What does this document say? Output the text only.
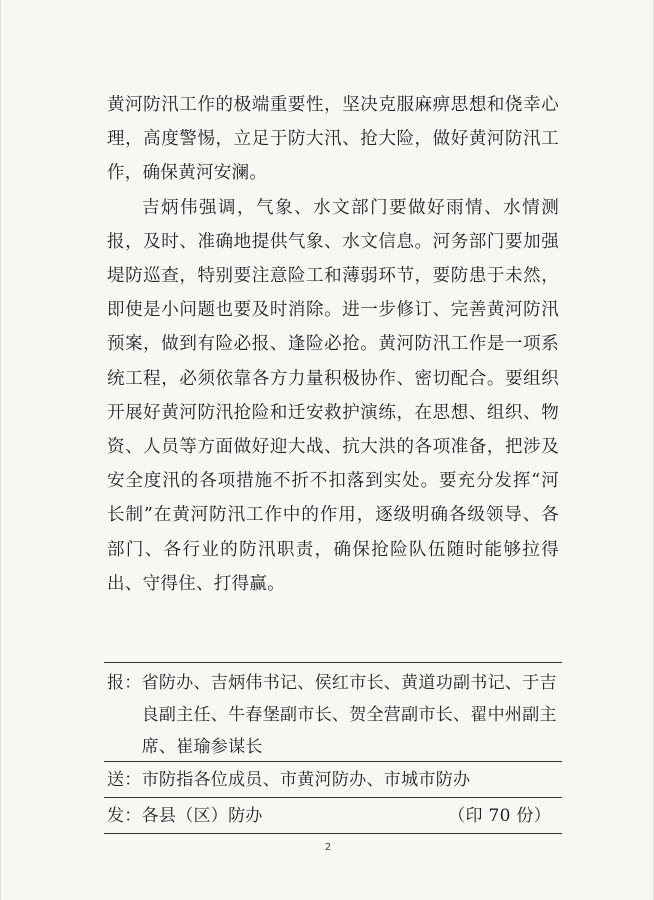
黄河防汛工作的极端重要性，坚决克服麻痹思想和侥幸心理，高度警惕，立足于防大汛、抢大险，做好黄河防汛工作，确保黄河安澜。

吉炳伟强调，气象、水文部门要做好雨情、水情测报，及时、准确地提供气象、水文信息。河务部门要加强堤防巡查，特别要注意险工和薄弱环节，要防患于未然，即使是小问题也要及时消除。进一步修订、完善黄河防汛预案，做到有险必报、逢险必抢。黄河防汛工作是一项系统工程，必须依靠各方力量积极协作、密切配合。要组织开展好黄河防汛抢险和迁安救护演练，在思想、组织、物资、人员等方面做好迎大战、抗大洪的各项准备，把涉及安全度汛的各项措施不折不扣落到实处。要充分发挥“河长制”在黄河防汛工作中的作用，逐级明确各级领导、各部门、各行业的防汛职责，确保抢险队伍随时能够拉得出、守得住、打得赢。

报： 省防办、吉炳伟书记、侯红市长、黄道功副书记、于吉良副主任、牛春堡副市长、贺全营副市长、翟中州副主席、崔瑜参谋长
送： 市防指各位成员、市黄河防办、市城市防办
发： 各县（区）防办	（印 70 份）
2
